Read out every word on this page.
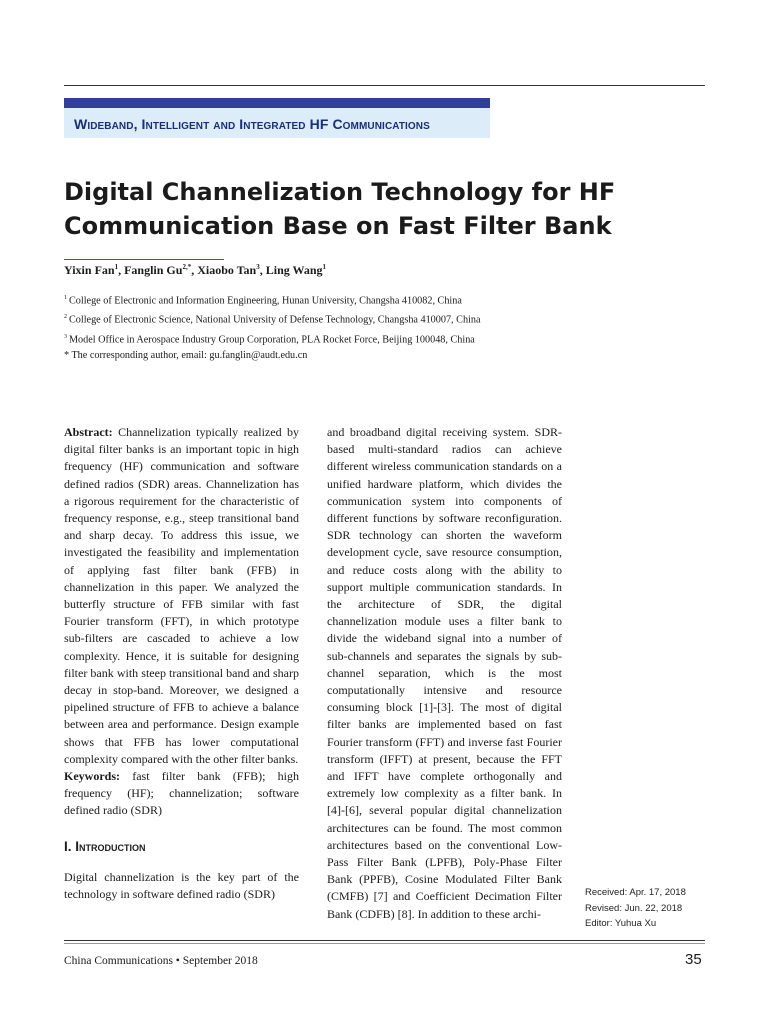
Wideband, Intelligent and Integrated HF Communications
Digital Channelization Technology for HF
Communication Base on Fast Filter Bank
Yixin Fan$^1$, Fanglin $Gu^{2,*}$, Xiaobo Tan$^3$, Ling Wang$^1$
$^1$ College of Electronic and Information Engineering, Hunan University, Changsha 410082, China
$^2$ College of Electronic Science, National University of Defense Technology, Changsha 410007, China
$^3$ Model Office in Aerospace Industry Group Corporation, PLA Rocket Force, Beijing 100048, China
* The corresponding author, email: gu.fanglin@audt.edu.cn

Abstract: Channelization typically realized by digital filter banks is an important topic in high frequency (HF) communication and software defined radios (SDR) areas. Channelization has a rigorous requirement for the characteristic of frequency response, e.g., steep transitional band and sharp decay. To address this issue, we investigated the feasibility and implementation of applying fast filter bank (FFB) in channelization in this paper. We analyzed the butterfly structure of FFB similar with fast Fourier transform (FFT), in which prototype sub-filters are cascaded to achieve a low complexity. Hence, it is suitable for designing filter bank with steep transitional band and sharp decay in stop-band. Moreover, we designed a pipelined structure of FFB to achieve a balance between area and performance. Design example shows that FFB has lower computational complexity compared with the other filter banks.

Keywords: fast filter bank (FFB); high frequency (HF); channelization; software defined radio (SDR)

I. Introduction

Digital channelization is the key part of the technology in software defined radio (SDR)

and broadband digital receiving system. SDR-based multi-standard radios can achieve different wireless communication standards on a unified hardware platform, which divides the communication system into components of different functions by software reconfiguration. SDR technology can shorten the waveform development cycle, save resource consumption, and reduce costs along with the ability to support multiple communication standards. In the architecture of SDR, the digital channelization module uses a filter bank to divide the wideband signal into a number of sub-channels and separates the signals by sub-channel separation, which is the most computationally intensive and resource consuming block [1]-[3]. The most of digital filter banks are implemented based on fast Fourier transform (FFT) and inverse fast Fourier transform (IFFT) at present, because the FFT and IFFT have complete orthogonally and extremely low complexity as a filter bank. In [4]-[6], several popular digital channelization architectures can be found. The most common architectures based on the conventional Low-Pass Filter Bank (LPFB), Poly-Phase Filter Bank (PPFB), Cosine Modulated Filter Bank (CMFB) [7] and Coefficient Decimation Filter Bank (CDFB) [8]. In addition to these archi-

Received: Apr. 17, 2018
Revised: Jun. 22, 2018
Editor: Yuhua Xu
China Communications • September 2018	35
